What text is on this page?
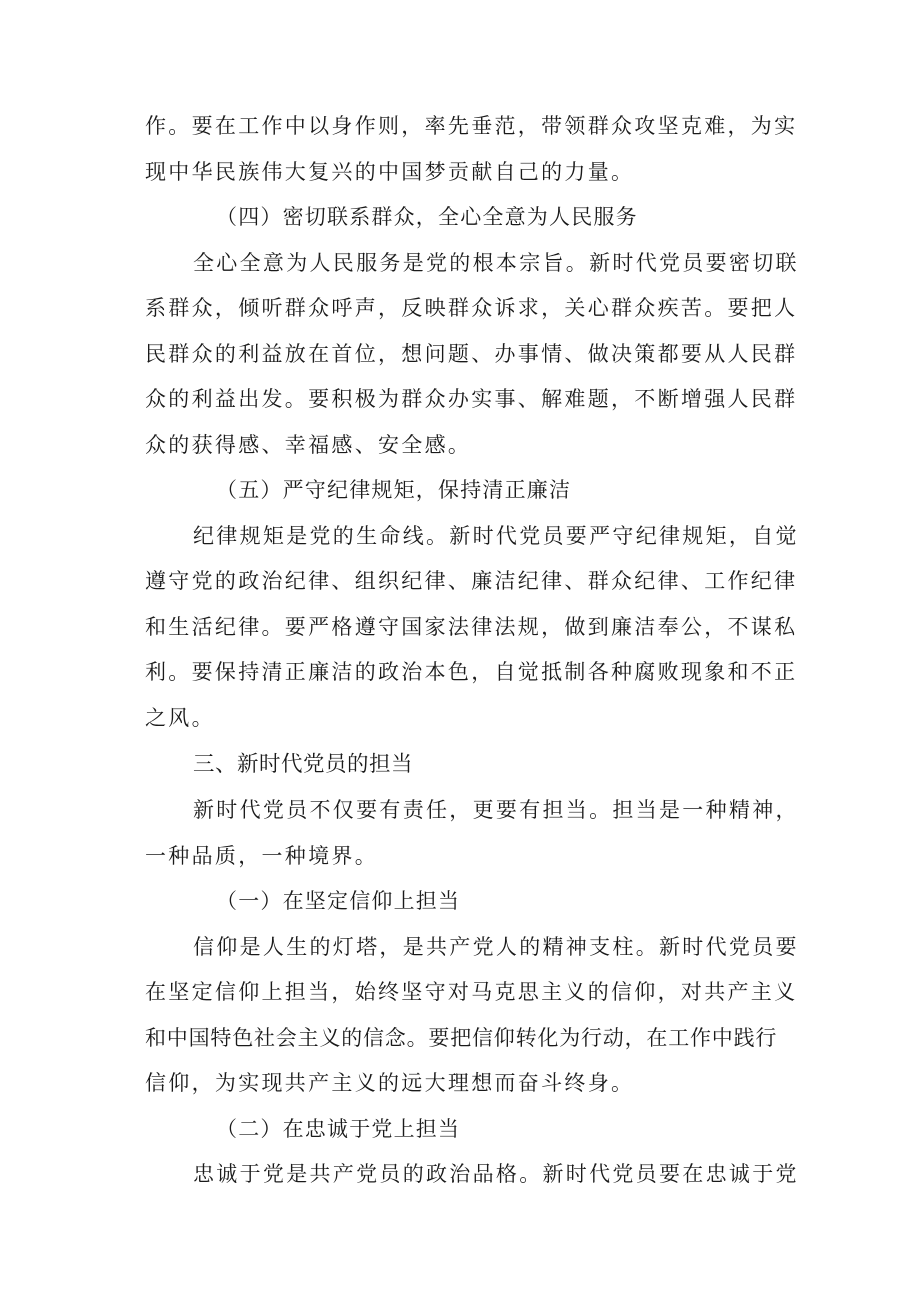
作。要在工作中以身作则，率先垂范，带领群众攻坚克难，为实
现中华民族伟大复兴的中国梦贡献自己的力量。
（四）密切联系群众，全心全意为人民服务
全心全意为人民服务是党的根本宗旨。新时代党员要密切联
系群众，倾听群众呼声，反映群众诉求，关心群众疾苦。要把人
民群众的利益放在首位，想问题、办事情、做决策都要从人民群
众的利益出发。要积极为群众办实事、解难题，不断增强人民群
众的获得感、幸福感、安全感。
（五）严守纪律规矩，保持清正廉洁
纪律规矩是党的生命线。新时代党员要严守纪律规矩，自觉
遵守党的政治纪律、组织纪律、廉洁纪律、群众纪律、工作纪律
和生活纪律。要严格遵守国家法律法规，做到廉洁奉公，不谋私
利。要保持清正廉洁的政治本色，自觉抵制各种腐败现象和不正
之风。
三、新时代党员的担当
新时代党员不仅要有责任，更要有担当。担当是一种精神，
一种品质，一种境界。
（一）在坚定信仰上担当
信仰是人生的灯塔，是共产党人的精神支柱。新时代党员要
在坚定信仰上担当，始终坚守对马克思主义的信仰，对共产主义
和中国特色社会主义的信念。要把信仰转化为行动，在工作中践行
信仰，为实现共产主义的远大理想而奋斗终身。
（二）在忠诚于党上担当
忠诚于党是共产党员的政治品格。新时代党员要在忠诚于党
